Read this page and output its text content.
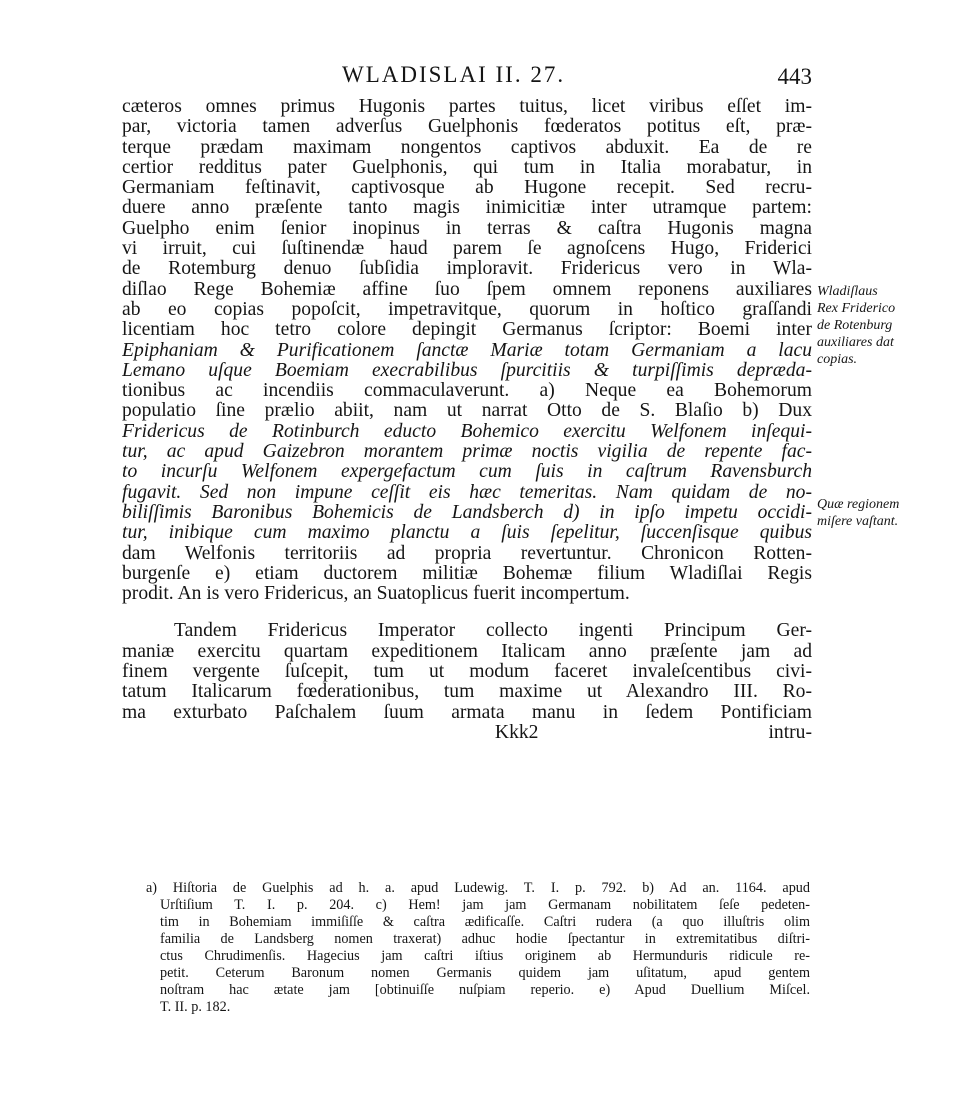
WLADISLAI II. 27.	443

cæteros omnes primus Hugonis partes tuitus, licet viribus eſſet im-

par, victoria tamen adverſus Guelphonis fœderatos potitus eſt, præ-

terque prædam maximam nongentos captivos abduxit. Ea de re

certior redditus pater Guelphonis, qui tum in Italia morabatur, in

Germaniam feſtinavit, captivosque ab Hugone recepit. Sed recru-

duere anno præſente tanto magis inimicitiæ inter utramque partem:

Guelpho enim ſenior inopinus in terras & caſtra Hugonis magna

vi irruit, cui ſuſtinendæ haud parem ſe agnoſcens Hugo, Friderici

de Rotemburg denuo ſubſidia imploravit. Fridericus vero in Wla-

diſlao Rege Bohemiæ affine ſuo ſpem omnem reponens auxiliares

ab eo copias popoſcit, impetravitque, quorum in hoſtico graſſandi

licentiam hoc tetro colore depingit Germanus ſcriptor: Boemi inter

Epiphaniam & Purificationem ſanctæ Mariæ totam Germaniam a lacu

Lemano uſque Boemiam execrabilibus ſpurcitiis & turpiſſimis deprædа-

tionibus ac incendiis commaculaverunt. a) Neque ea Bohemorum

populatio ſine prælio abiit, nam ut narrat Otto de S. Blaſio b) Dux

Fridericus de Rotinburch educto Bohemico exercitu Welfonem inſequi-

tur, ac apud Gaizebron morantem primæ noctis vigilia de repente fac-

to incurſu Welfonem expergefactum cum ſuis in caſtrum Ravensburch

fugavit. Sed non impune ceſſit eis hæc temeritas. Nam quidam de no-

biliſſimis Baronibus Bohemicis de Landsberch d) in ipſo impetu occidi-

tur, inibique cum maximo planctu a ſuis ſepelitur, ſuccenſisque quibus

dam Welfonis territoriis ad propria revertuntur. Chronicon Rotten-

burgenſe e) etiam ductorem militiæ Bohemæ filium Wladiſlai Regis

prodit. An is vero Fridericus, an Suatoplicus fuerit incompertum.

Tandem Fridericus Imperator collecto ingenti Principum Ger-

maniæ exercitu quartam expeditionem Italicam anno præſente jam ad

finem vergente ſuſcepit, tum ut modum faceret invaleſcentibus civi-

tatum Italicarum fœderationibus, tum maxime ut Alexandro III. Ro-

ma exturbato Paſchalem ſuum armata manu in ſedem Pontificiam

Kkk2	intru-

Wladiſlaus
Rex Friderico
de Rotenburg
auxiliares dat
copias.
Quæ regionem
miſere vaſtant.

a) Hiſtoria de Guelphis ad h. a. apud Ludewig. T. I. p. 792. b) Ad an. 1164. apud

Urſtiſium T. I. p. 204. c) Hem! jam jam Germanam nobilitatem ſeſe pedeten-

tim in Bohemiam immiſiſſe & caſtra ædificaſſe. Caſtri rudera (a quo illuſtris olim

familia de Landsberg nomen traxerat) adhuc hodie ſpectantur in extremitatibus diſtri-

ctus Chrudimenſis. Hagecius jam caſtri iſtius originem ab Hermunduris ridicule re-

petit. Ceterum Baronum nomen Germanis quidem jam uſitatum, apud gentem

noſtram hac ætate jam [obtinuiſſe nuſpiam reperio. e) Apud Duellium Miſcel.

T. II. p. 182.
